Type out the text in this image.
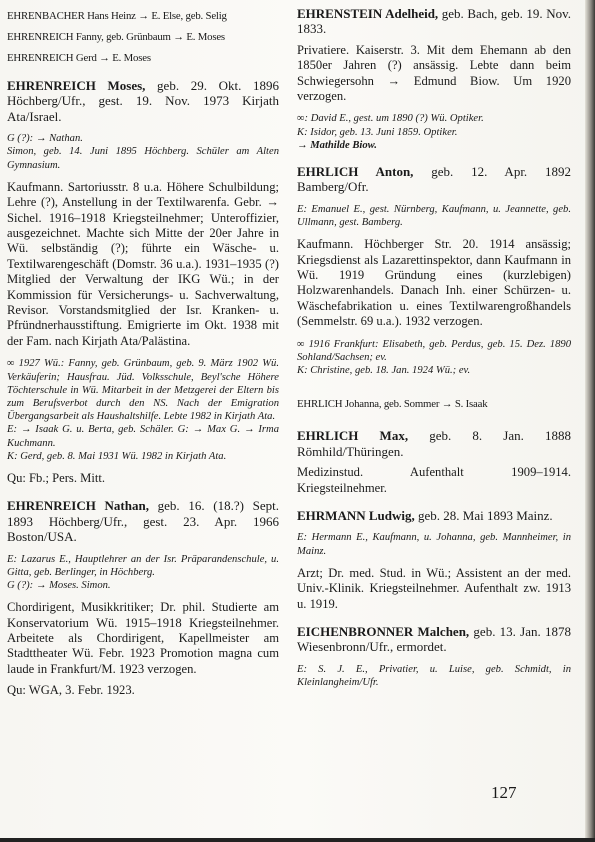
EHRENBACHER Hans Heinz → E. Else, geb. Selig
EHRENREICH Fanny, geb. Grünbaum → E. Moses
EHRENREICH Gerd → E. Moses
EHRENREICH Moses, geb. 29. Okt. 1896 Höchberg/Ufr., gest. 19. Nov. 1973 Kirjath Ata/Israel.
G (?): → Nathan.
Simon, geb. 14. Juni 1895 Höchberg. Schüler am Alten Gymnasium.
Kaufmann. Sartoriusstr. 8 u.a. Höhere Schulbildung; Lehre (?), Anstellung in der Textilwarenfa. Gebr. → Sichel. 1916–1918 Kriegsteilnehmer; Unteroffizier, ausgezeichnet. Machte sich Mitte der 20er Jahre in Wü. selbständig (?); führte ein Wäsche- u. Textilwarengeschäft (Domstr. 36 u.a.). 1931–1935 (?) Mitglied der Verwaltung der IKG Wü.; in der Kommission für Versicherungs- u. Sachverwaltung, Revisor. Vorstandsmitglied der Isr. Kranken- u. Pfründnerhausstiftung. Emigrierte im Okt. 1938 mit der Fam. nach Kirjath Ata/Palästina.
∞ 1927 Wü.: Fanny, geb. Grünbaum, geb. 9. März 1902 Wü. Verkäuferin; Hausfrau. Jüd. Volksschule, Beyl'sche Höhere Töchterschule in Wü. Mitarbeit in der Metzgerei der Eltern bis zum Berufsverbot durch den NS. Nach der Emigration Übergangsarbeit als Haushaltshilfe. Lebte 1982 in Kirjath Ata.
E: → Isaak G. u. Berta, geb. Schäler. G: → Max G. → Irma Kuchmann.
K: Gerd, geb. 8. Mai 1931 Wü. 1982 in Kirjath Ata.
Qu: Fb.; Pers. Mitt.
EHRENREICH Nathan, geb. 16. (18.?) Sept. 1893 Höchberg/Ufr., gest. 23. Apr. 1966 Boston/USA.
E: Lazarus E., Hauptlehrer an der Isr. Präparandenschule, u. Gitta, geb. Berlinger, in Höchberg.
G (?): → Moses. Simon.
Chordirigent, Musikkritiker; Dr. phil. Studierte am Konservatorium Wü. 1915–1918 Kriegsteilnehmer. Arbeitete als Chordirigent, Kapellmeister am Stadttheater Wü. Febr. 1923 Promotion magna cum laude in Frankfurt/M. 1923 verzogen.
Qu: WGA, 3. Febr. 1923.
EHRENSTEIN Adelheid, geb. Bach, geb. 19. Nov. 1833.
Privatiere. Kaiserstr. 3. Mit dem Ehemann ab den 1850er Jahren (?) ansässig. Lebte dann beim Schwiegersohn → Edmund Biow. Um 1920 verzogen.
∞: David E., gest. um 1890 (?) Wü. Optiker.
K: Isidor, geb. 13. Juni 1859. Optiker.
→ Mathilde Biow.
EHRLICH Anton, geb. 12. Apr. 1892 Bamberg/Ofr.
E: Emanuel E., gest. Nürnberg, Kaufmann, u. Jeannette, geb. Ullmann, gest. Bamberg.
Kaufmann. Höchberger Str. 20. 1914 ansässig; Kriegsdienst als Lazarettinspektor, dann Kaufmann in Wü. 1919 Gründung eines (kurzlebigen) Holzwarenhandels. Danach Inh. einer Schürzen- u. Wäschefabrikation u. eines Textilwarengroßhandels (Semmelstr. 69 u.a.). 1932 verzogen.
∞ 1916 Frankfurt: Elisabeth, geb. Perdus, geb. 15. Dez. 1890 Sohland/Sachsen; ev.
K: Christine, geb. 18. Jan. 1924 Wü.; ev.
EHRLICH Johanna, geb. Sommer → S. Isaak
EHRLICH Max, geb. 8. Jan. 1888 Römhild/Thüringen.
Medizinstud. Aufenthalt 1909–1914. Kriegsteilnehmer.
EHRMANN Ludwig, geb. 28. Mai 1893 Mainz.
E: Hermann E., Kaufmann, u. Johanna, geb. Mannheimer, in Mainz.
Arzt; Dr. med. Stud. in Wü.; Assistent an der med. Univ.-Klinik. Kriegsteilnehmer. Aufenthalt zw. 1913 u. 1919.
EICHENBRONNER Malchen, geb. 13. Jan. 1878 Wiesenbronn/Ufr., ermordet.
E: S. J. E., Privatier, u. Luise, geb. Schmidt, in Kleinlangheim/Ufr.
127
